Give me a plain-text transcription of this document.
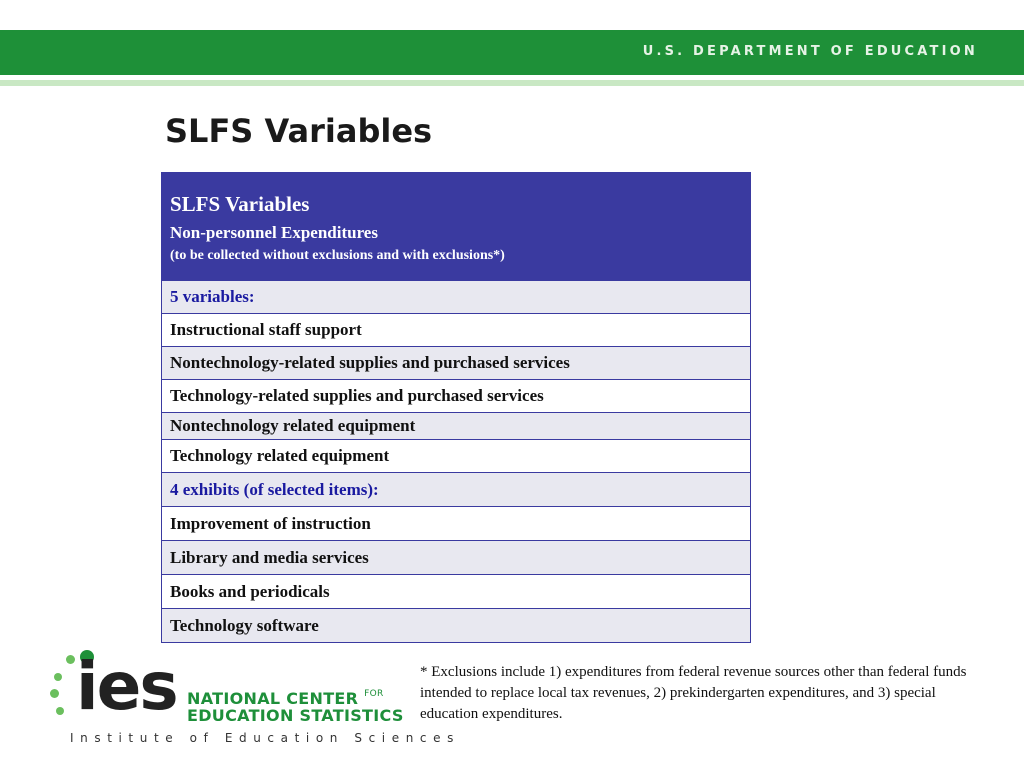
U.S. DEPARTMENT OF EDUCATION
SLFS Variables
SLFS Variables
Non-personnel Expenditures
(to be collected without exclusions and with exclusions*)

5 variables:
Instructional staff support
Nontechnology-related supplies and purchased services
Technology-related supplies and purchased services
Nontechnology related equipment
Technology related equipment
4 exhibits (of selected items):
Improvement of instruction
Library and media services
Books and periodicals
Technology software
* Exclusions include 1) expenditures from federal revenue sources other than federal funds intended to replace local tax revenues, 2) prekindergarten expenditures, and 3) special education expenditures.
ies NATIONAL CENTER $^{FOR}$
EDUCATION STATISTICS
Institute of Education Sciences
